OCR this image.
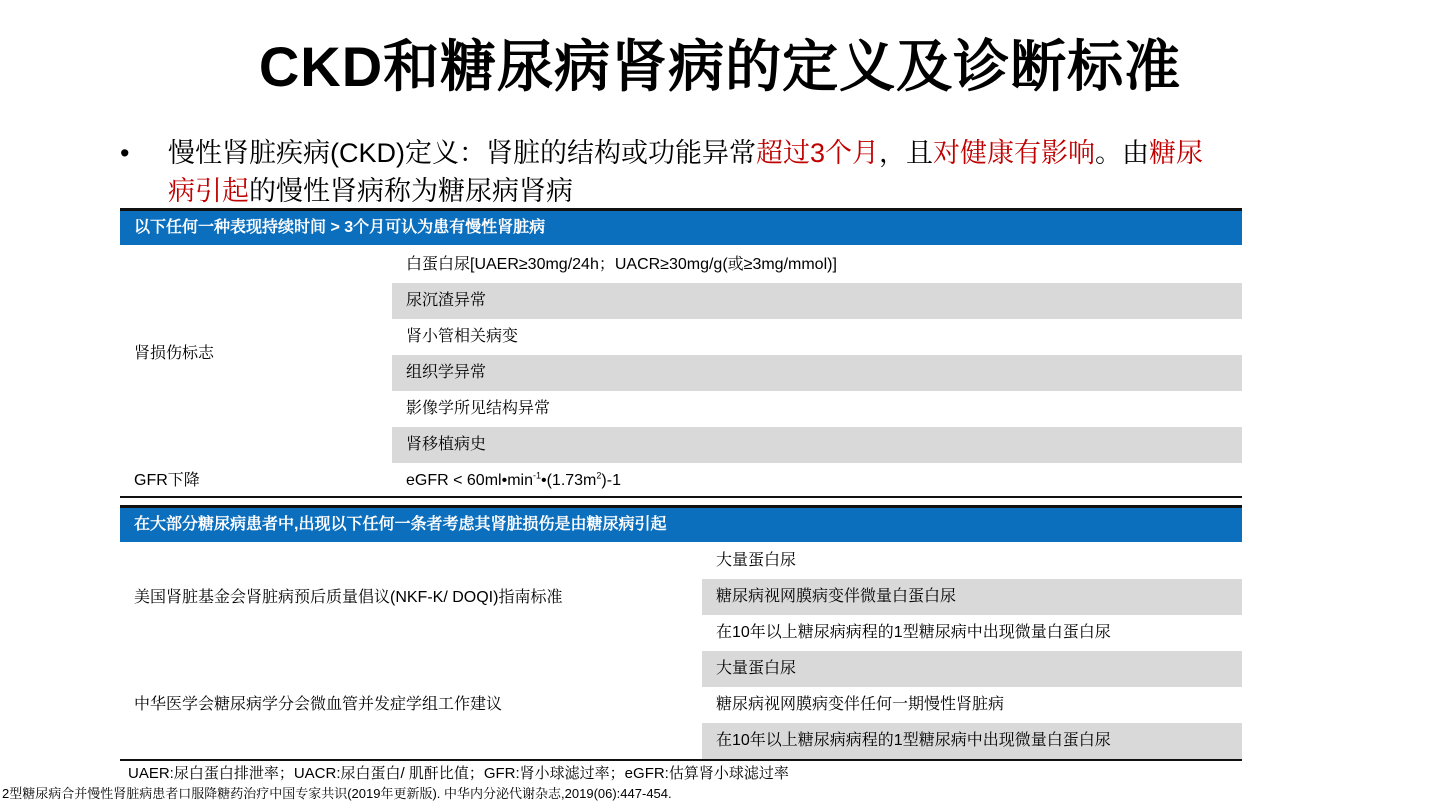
CKD和糖尿病肾病的定义及诊断标准
•	慢性肾脏疾病(CKD)定义：肾脏的结构或功能异常超过3个月，且对健康有影响。由糖尿病引起的慢性肾病称为糖尿病肾病
以下任何一种表现持续时间 > 3个月可认为患有慢性肾脏病
肾损伤标志
白蛋白尿[UAER≥30mg/24h；UACR≥30mg/g(或≥3mg/mmol)]
尿沉渣异常
肾小管相关病变
组织学异常
影像学所见结构异常
肾移植病史
GFR下降	eGFR < $60ml•\min^{-1}•(1.73m^2)-1$
在大部分糖尿病患者中,出现以下任何一条者考虑其肾脏损伤是由糖尿病引起
美国肾脏基金会肾脏病预后质量倡议(NKF-K/ DOQI)指南标准
大量蛋白尿
糖尿病视网膜病变伴微量白蛋白尿
在10年以上糖尿病病程的1型糖尿病中出现微量白蛋白尿
中华医学会糖尿病学分会微血管并发症学组工作建议
大量蛋白尿
糖尿病视网膜病变伴任何一期慢性肾脏病
在10年以上糖尿病病程的1型糖尿病中出现微量白蛋白尿
UAER:尿白蛋白排泄率；UACR:尿白蛋白/ 肌酐比值；GFR:肾小球滤过率；eGFR:估算肾小球滤过率
2型糖尿病合并慢性肾脏病患者口服降糖药治疗中国专家共识(2019年更新版). 中华内分泌代谢杂志,2019(06):447-454.
